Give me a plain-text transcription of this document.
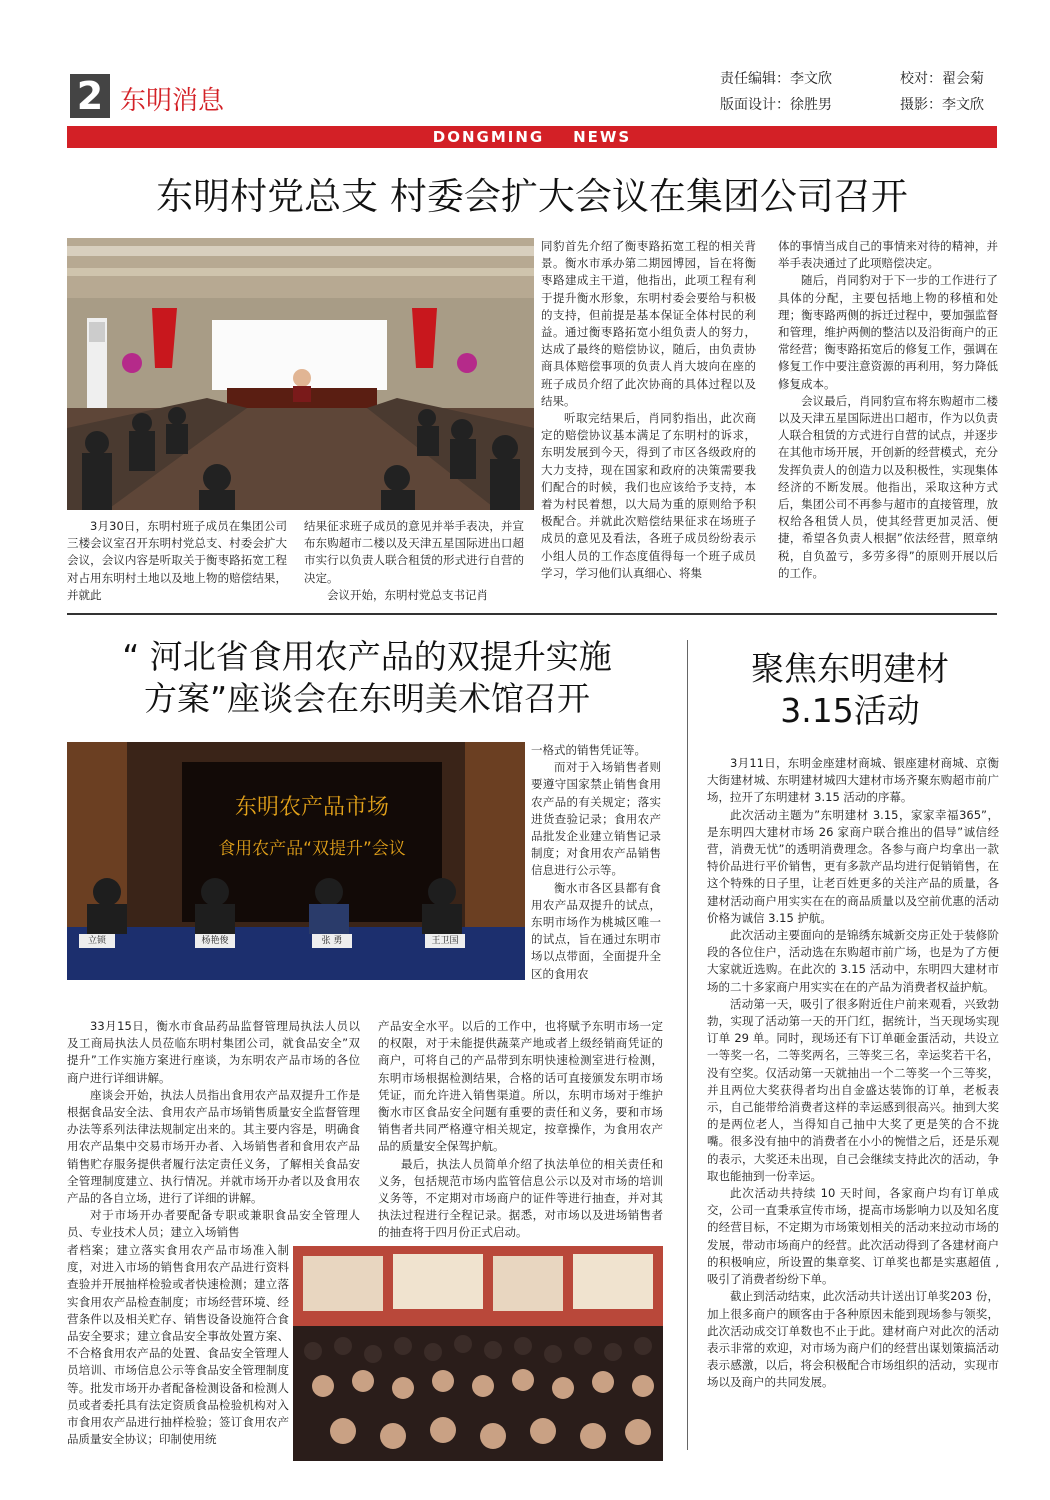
2 东明消息
责任编辑：李文欣
版面设计：徐胜男
校对：翟会菊
摄影：李文欣
DONGMING    NEWS
东明村党总支 村委会扩大会议在集团公司召开

3月30日，东明村班子成员在集团公司三楼会议室召开东明村党总支、村委会扩大会议，会议内容是听取关于衡枣路拓宽工程对占用东明村土地以及地上物的赔偿结果，并就此

结果征求班子成员的意见并举手表决，并宣布东购超市二楼以及天津五星国际进出口超市实行以负责人联合租赁的形式进行自营的决定。

会议开始，东明村党总支书记肖

同豹首先介绍了衡枣路拓宽工程的相关背景。衡水市承办第二期园博园，旨在将衡枣路建成主干道，他指出，此项工程有利于提升衡水形象，东明村委会要给与积极的支持，但前提是基本保证全体村民的利益。通过衡枣路拓宽小组负责人的努力，达成了最终的赔偿协议，随后，由负责协商具体赔偿事项的负责人肖大坡向在座的班子成员介绍了此次协商的具体过程以及结果。

听取完结果后，肖同豹指出，此次商定的赔偿协议基本满足了东明村的诉求，东明发展到今天，得到了市区各级政府的大力支持，现在国家和政府的决策需要我们配合的时候，我们也应该给予支持，本着为村民着想，以大局为重的原则给予积极配合。并就此次赔偿结果征求在场班子成员的意见及看法，各班子成员纷纷表示小组人员的工作态度值得每一个班子成员学习，学习他们认真细心、将集

体的事情当成自己的事情来对待的精神，并举手表决通过了此项赔偿决定。

随后，肖同豹对于下一步的工作进行了具体的分配，主要包括地上物的移植和处理；衡枣路两侧的拆迁过程中，要加强监督和管理，维护两侧的整洁以及沿街商户的正常经营；衡枣路拓宽后的修复工作，强调在修复工作中要注意资源的再利用，努力降低修复成本。

会议最后，肖同豹宣布将东购超市二楼以及天津五星国际进出口超市，作为以负责人联合租赁的方式进行自营的试点，并逐步在其他市场开展，开创新的经营模式，充分发挥负责人的创造力以及积极性，实现集体经济的不断发展。他指出，采取这种方式后，集团公司不再参与超市的直接管理，放权给各租赁人员，使其经营更加灵活、便捷，希望各负责人根据”依法经营，照章纳税，自负盈亏，多劳多得”的原则开展以后的工作。

“ 河北省食用农产品的双提升实施
方案”座谈会在东明美术馆召开
东明农产品市场
食用农产品“双提升”会议
立锁	杨艳俊	张 勇	王卫国

一格式的销售凭证等。

而对于入场销售者则要遵守国家禁止销售食用农产品的有关规定；落实进货查验记录；食用农产品批发企业建立销售记录制度；对食用农产品销售信息进行公示等。

衡水市各区县都有食用农产品双提升的试点，东明市场作为桃城区唯一的试点，旨在通过东明市场以点带面，全面提升全区的食用农

33月15日，衡水市食品药品监督管理局执法人员以及工商局执法人员莅临东明村集团公司，就食品安全”双提升”工作实施方案进行座谈，为东明农产品市场的各位商户进行详细讲解。

座谈会开始，执法人员指出食用农产品双提升工作是根据食品安全法、食用农产品市场销售质量安全监督管理办法等系列法律法规制定出来的。其主要内容是，明确食用农产品集中交易市场开办者、入场销售者和食用农产品销售贮存服务提供者履行法定责任义务，了解相关食品安全管理制度建立、执行情况。并就市场开办者以及食用农产品的各自立场，进行了详细的讲解。

对于市场开办者要配备专职或兼职食品安全管理人员、专业技术人员；建立入场销售

者档案；建立落实食用农产品市场准入制度，对进入市场的销售食用农产品进行资料查验并开展抽样检验或者快速检测；建立落实食用农产品检查制度；市场经营环境、经营条件以及相关贮存、销售设备设施符合食品安全要求；建立食品安全事故处置方案、不合格食用农产品的处置、食品安全管理人员培训、市场信息公示等食品安全管理制度等。批发市场开办者配备检测设备和检测人员或者委托具有法定资质食品检验机构对入市食用农产品进行抽样检验；签订食用农产品质量安全协议；印制使用统

产品安全水平。以后的工作中，也将赋予东明市场一定的权限，对于未能提供蔬菜产地或者上级经销商凭证的商户，可将自己的产品带到东明快速检测室进行检测，东明市场根据检测结果，合格的话可直接颁发东明市场凭证，而允许进入销售渠道。所以，东明市场对于维护衡水市区食品安全问题有重要的责任和义务，要和市场销售者共同严格遵守相关规定，按章操作，为食用农产品的质量安全保驾护航。

最后，执法人员简单介绍了执法单位的相关责任和义务，包括规范市场内监管信息公示以及对市场的培训义务等，不定期对市场商户的证件等进行抽查，并对其执法过程进行全程记录。据悉，对市场以及进场销售者的抽查将于四月份正式启动。

聚焦东明建材
3.15活动

3月11日，东明金座建材商城、银座建材商城、京衡大街建材城、东明建材城四大建材市场齐聚东购超市前广场，拉开了东明建材 3.15 活动的序幕。

此次活动主题为”东明建材 3.15，家家幸福365”，是东明四大建材市场 26 家商户联合推出的倡导”诚信经营，消费无忧”的透明消费理念。各参与商户均拿出一款特价品进行平价销售，更有多款产品均进行促销销售，在这个特殊的日子里，让老百姓更多的关注产品的质量，各建材活动商户用实实在在的商品质量以及空前优惠的活动价格为诚信 3.15 护航。

此次活动主要面向的是锦绣东城新交房正处于装修阶段的各位住户，活动选在东购超市前广场，也是为了方便大家就近选购。在此次的 3.15 活动中，东明四大建材市场的二十多家商户用实实在在的产品为消费者权益护航。

活动第一天，吸引了很多附近住户前来观看，兴致勃勃，实现了活动第一天的开门红，据统计，当天现场实现订单 29 单。同时，现场还有下订单砸金蛋活动，共设立一等奖一名，二等奖两名，三等奖三名，幸运奖若干名，没有空奖。仅活动第一天就抽出一个二等奖一个三等奖，并且两位大奖获得者均出自金盛达装饰的订单，老板表示，自己能带给消费者这样的幸运感到很高兴。抽到大奖的是两位老人，当得知自己抽中大奖了更是笑的合不拢嘴。很多没有抽中的消费者在小小的惋惜之后，还是乐观的表示，大奖还未出现，自己会继续支持此次的活动，争取也能抽到一份幸运。

此次活动共持续 10 天时间，各家商户均有订单成交，公司一直秉承宣传市场，提高市场影响力以及知名度的经营目标，不定期为市场策划相关的活动来拉动市场的发展，带动市场商户的经营。此次活动得到了各建材商户的积极响应，所设置的集章奖、订单奖也都是实惠超值 ,吸引了消费者纷纷下单。

截止到活动结束，此次活动共计送出订单奖203 份，加上很多商户的顾客由于各种原因未能到现场参与领奖，此次活动成交订单数也不止于此。建材商户对此次的活动表示非常的欢迎，对市场为商户们的经营出谋划策搞活动表示感激，以后，将会积极配合市场组织的活动，实现市场以及商户的共同发展。
